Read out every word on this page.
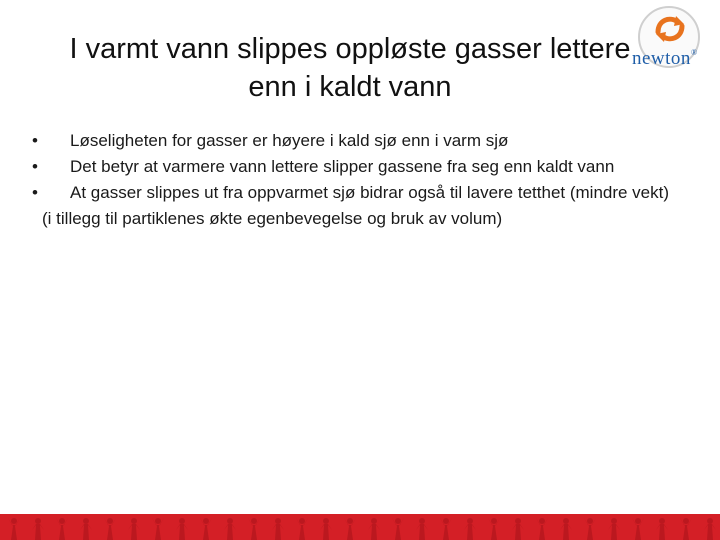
I varmt vann slippes oppløste gasser lettere
enn i kaldt vann
newton®
•	Løseligheten for gasser er høyere i kald sjø enn i varm sjø
•	Det betyr at varmere vann lettere slipper gassene fra seg enn kaldt vann
•	At gasser slippes ut fra oppvarmet sjø bidrar også til lavere tetthet (mindre vekt)
(i tillegg til partiklenes økte egenbevegelse og bruk av volum)
